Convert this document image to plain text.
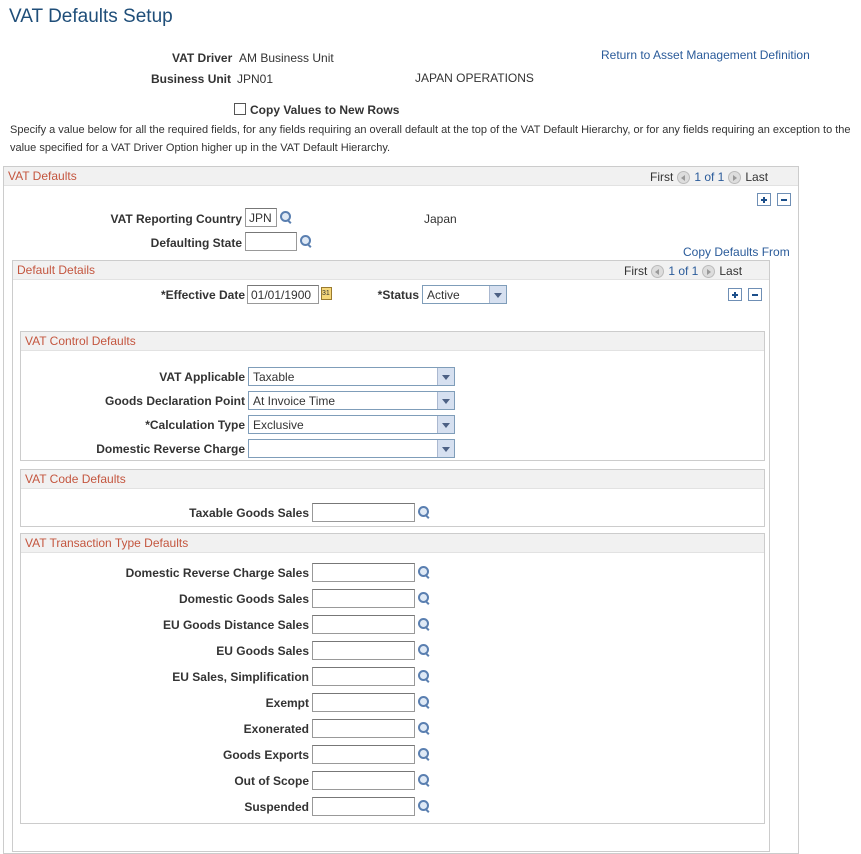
VAT Defaults Setup
VAT Driver AM Business Unit
Business Unit JPN01	JAPAN OPERATIONS
Return to Asset Management Definition
Copy Values to New Rows
Specify a value below for all the required fields, for any fields requiring an overall default at the top of the VAT Default Hierarchy, or for any fields requiring an exception to the value specified for a VAT Driver Option higher up in the VAT Default Hierarchy.
VAT Defaults	First 1 of 1 Last
VAT Reporting Country
JPN	Japan
Defaulting State
Copy Defaults From
Default Details	First 1 of 1 Last
*Effective Date
01/01/1900
31	*Status Active
VAT Control Defaults
VAT Applicable Taxable
Goods Declaration Point At Invoice Time
*Calculation Type Exclusive
Domestic Reverse Charge
VAT Code Defaults
Taxable Goods Sales
VAT Transaction Type Defaults
Domestic Reverse Charge Sales
Domestic Goods Sales
EU Goods Distance Sales
EU Goods Sales
EU Sales, Simplification
Exempt
Exonerated
Goods Exports
Out of Scope
Suspended
